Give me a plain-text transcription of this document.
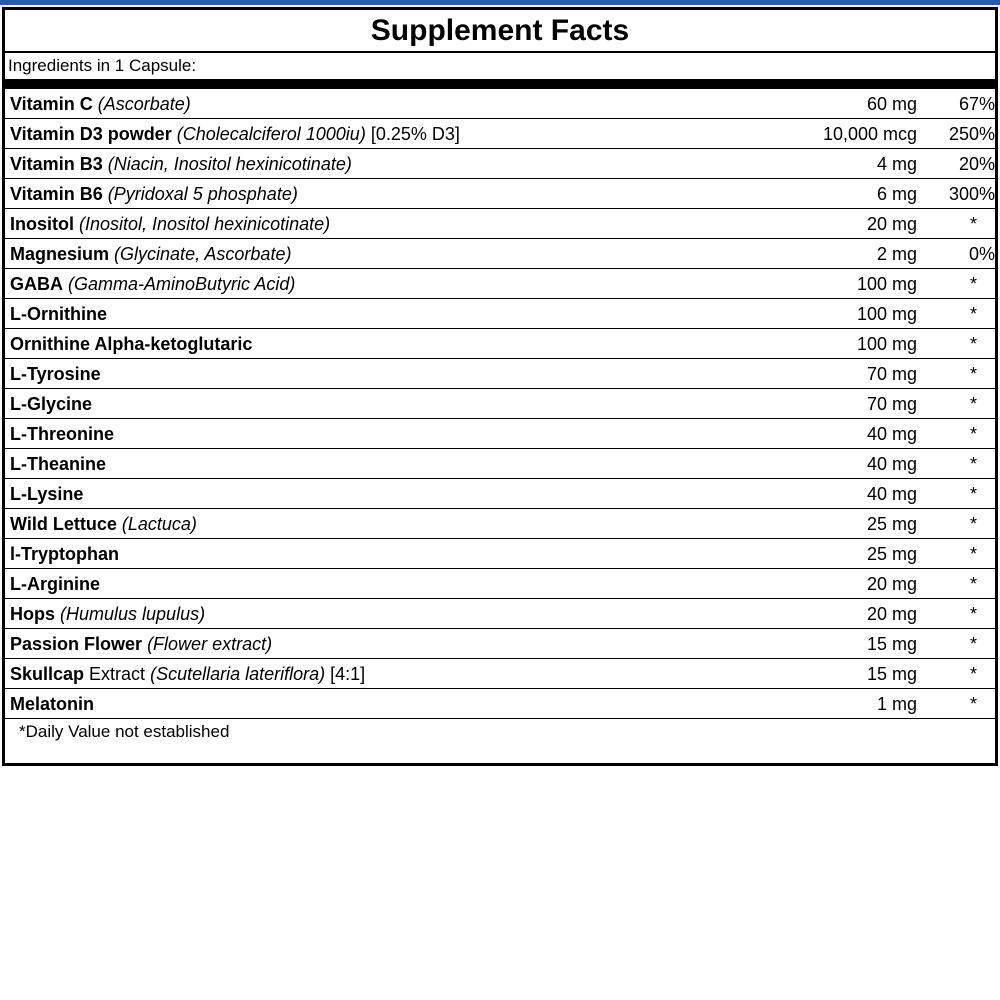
Supplement Facts
Ingredients in 1 Capsule:
Vitamin C (Ascorbate)	60 mg 67%
Vitamin D3 powder (Cholecalciferol 1000iu) [0.25% D3]	10,000 mcg 250%
Vitamin B3 (Niacin, Inositol hexinicotinate)	4 mg 20%
Vitamin B6 (Pyridoxal 5 phosphate)	6 mg 300%
Inositol (Inositol, Inositol hexinicotinate)	20 mg	*
Magnesium (Glycinate, Ascorbate)	2 mg	0%
GABA (Gamma-AminoButyric Acid)	100 mg	*
L-Ornithine	100 mg	*
Ornithine Alpha-ketoglutaric	100 mg	*
L-Tyrosine	70 mg	*
L-Glycine	70 mg	*
L-Threonine	40 mg	*
L-Theanine	40 mg	*
L-Lysine	40 mg	*
Wild Lettuce (Lactuca)	25 mg	*
l-Tryptophan	25 mg	*
L-Arginine	20 mg	*
Hops (Humulus lupulus)	20 mg	*
Passion Flower (Flower extract)	15 mg	*
Skullcap Extract (Scutellaria lateriflora) [4:1]	15 mg	*
Melatonin	1 mg	*
*Daily Value not established
